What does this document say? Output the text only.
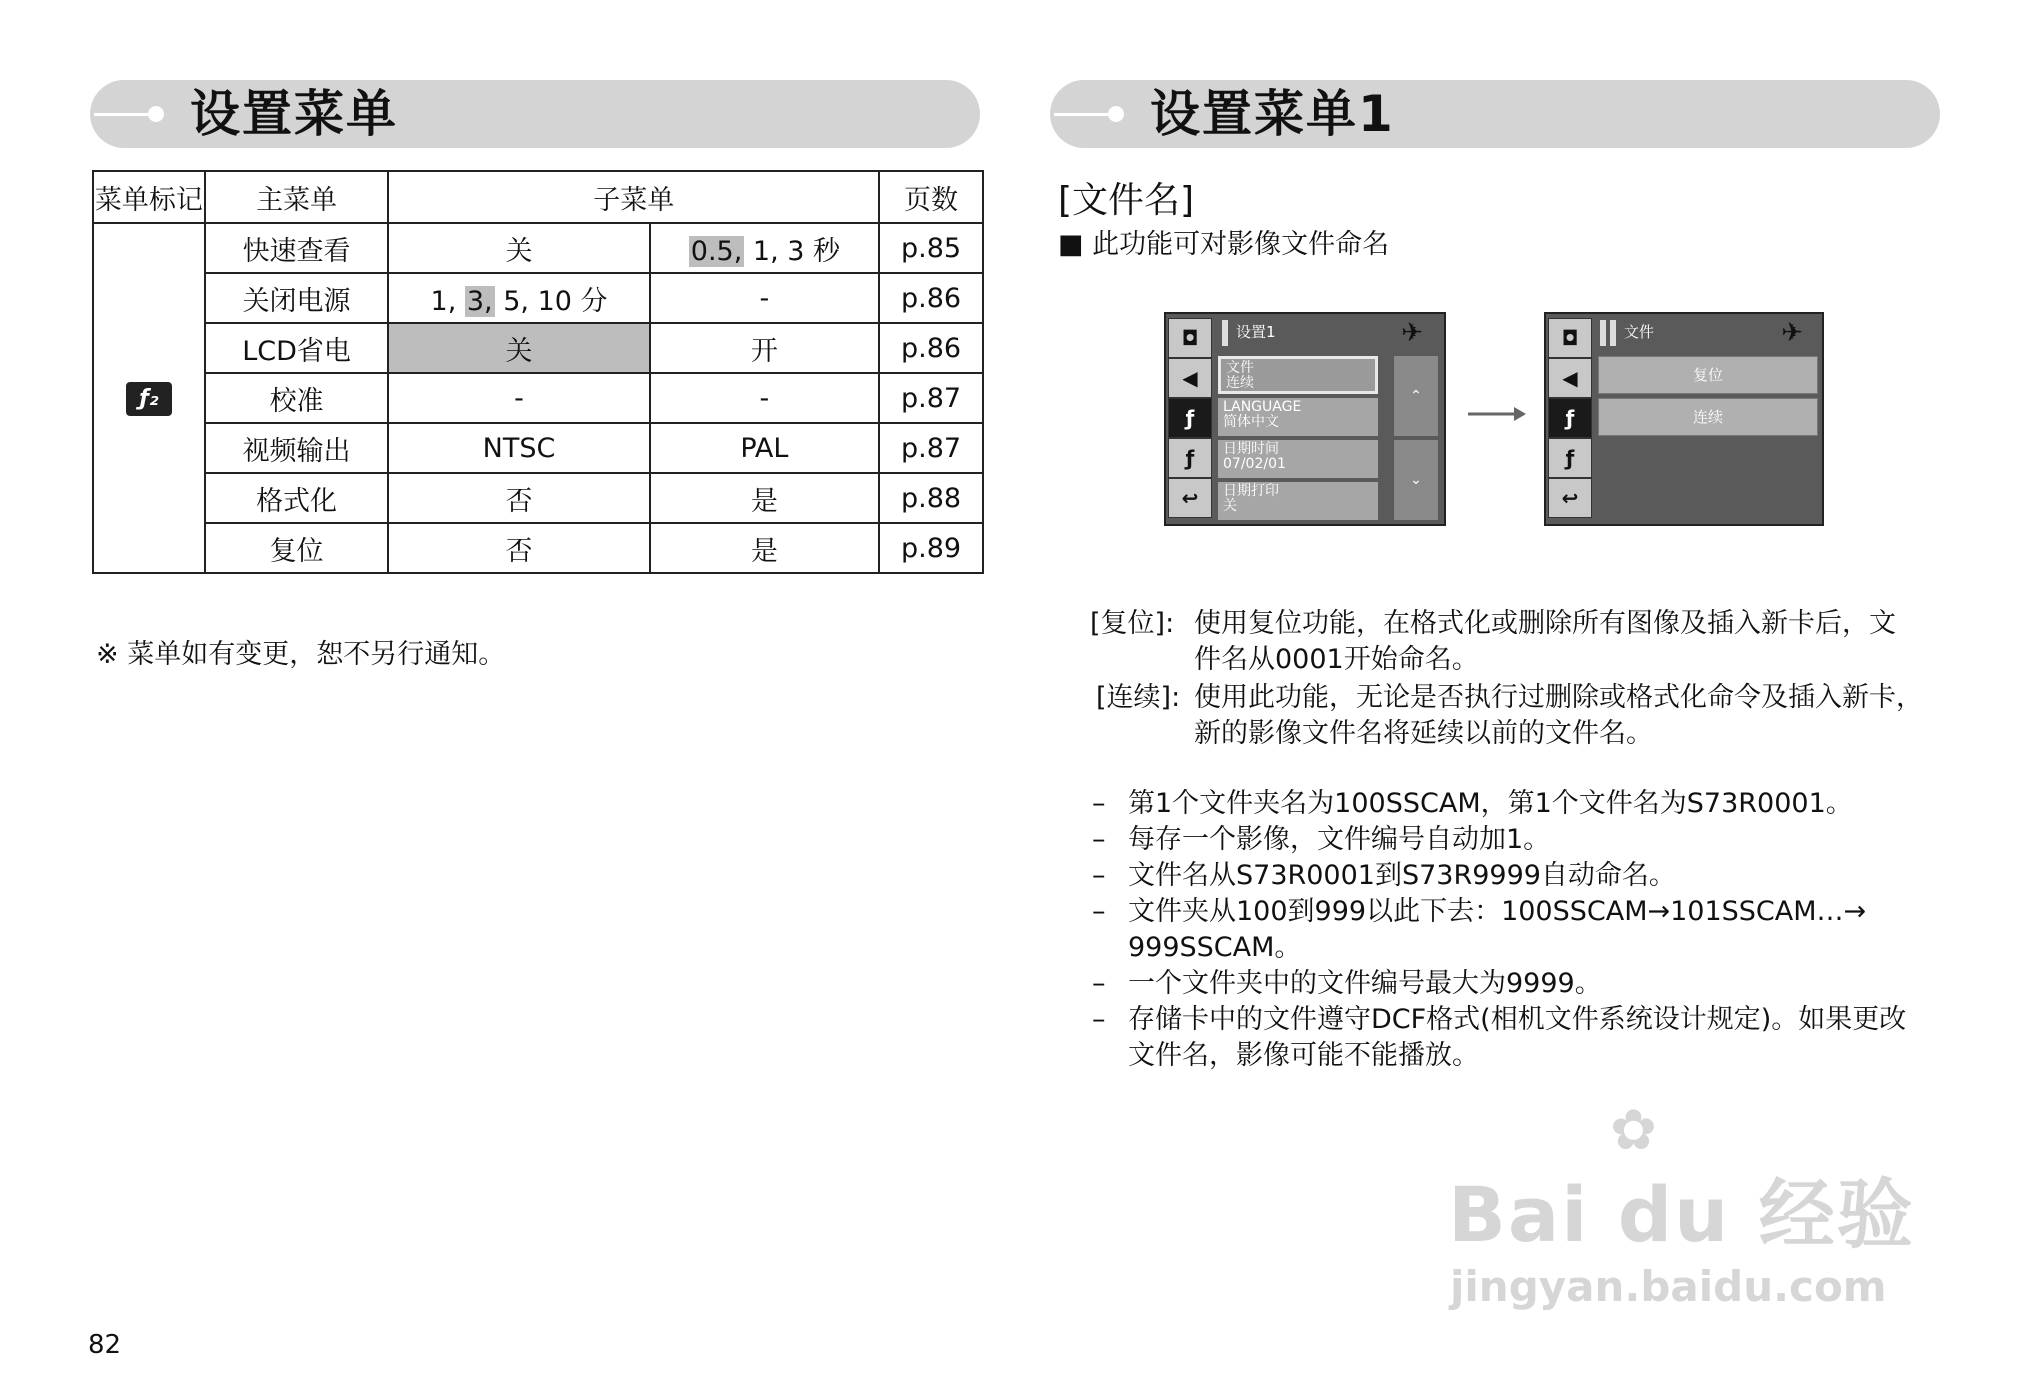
设置菜单	设置菜单1
菜单标记	主菜单	子菜单		页数
ƒ₂	快速查看	关	0.5, 1, 3 秒	p.85
	关闭电源	1, 3, 5, 10 分	-	p.86
	LCD省电	关	开	p.86
	校准	-	-	p.87
	视频输出	NTSC	PAL	p.87
	格式化	否	是	p.88
	复位	否	是	p.89
※ 菜单如有变更，恕不另行通知。
[文件名]
■ 此功能可对影像文件命名
◘
◀
ƒ
ƒ
↩
设置1	✈
文件
连续
LANGUAGE
简体中文
日期时间
07/02/01
日期打印
关
⌃
⌄
◘
◀
ƒ
ƒ
↩
文件	✈
复位
连续
[复位]: 使用复位功能，在格式化或删除所有图像及插入新卡后，文
件名从0001开始命名。
[连续]: 使用此功能，无论是否执行过删除或格式化命令及插入新卡，
新的影像文件名将延续以前的文件名。
– 第1个文件夹名为100SSCAM，第1个文件名为S73R0001。
– 每存一个影像，文件编号自动加1。
– 文件名从S73R0001到S73R9999自动命名。
– 文件夹从100到999以此下去：100SSCAM→101SSCAM…→
999SSCAM。
– 一个文件夹中的文件编号最大为9999。
– 存储卡中的文件遵守DCF格式(相机文件系统设计规定)。如果更改
文件名，影像可能不能播放。
Bai du 经验
✿
jingyan.baidu.com
82
